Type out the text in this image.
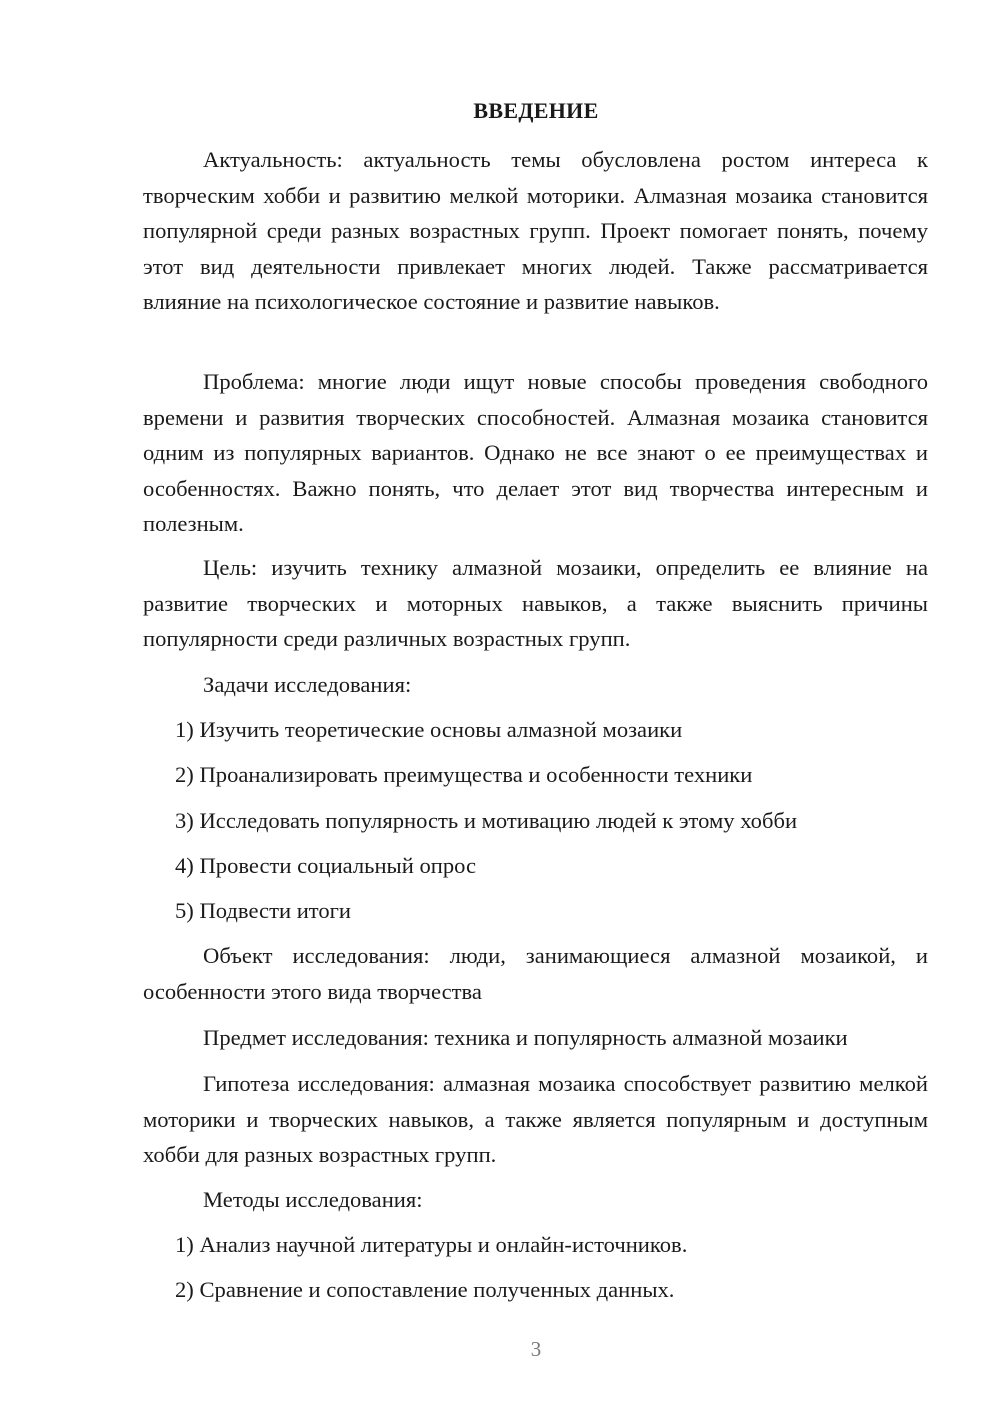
ВВЕДЕНИЕ

Актуальность: актуальность темы обусловлена ростом интереса к творческим хобби и развитию мелкой моторики. Алмазная мозаика становится популярной среди разных возрастных групп. Проект помогает понять, почему этот вид деятельности привлекает многих людей. Также рассматривается влияние на психологическое состояние и развитие навыков.

Проблема: многие люди ищут новые способы проведения свободного времени и развития творческих способностей. Алмазная мозаика становится одним из популярных вариантов. Однако не все знают о ее преимуществах и особенностях. Важно понять, что делает этот вид творчества интересным и полезным.

Цель: изучить технику алмазной мозаики, определить ее влияние на развитие творческих и моторных навыков, а также выяснить причины популярности среди различных возрастных групп.

Задачи исследования:

1) Изучить теоретические основы алмазной мозаики

2) Проанализировать преимущества и особенности техники

3) Исследовать популярность и мотивацию людей к этому хобби

4) Провести социальный опрос

5) Подвести итоги

Объект исследования: люди, занимающиеся алмазной мозаикой, и особенности этого вида творчества

Предмет исследования: техника и популярность алмазной мозаики

Гипотеза исследования: алмазная мозаика способствует развитию мелкой моторики и творческих навыков, а также является популярным и доступным хобби для разных возрастных групп.

Методы исследования:

1) Анализ научной литературы и онлайн-источников.

2) Сравнение и сопоставление полученных данных.

3
